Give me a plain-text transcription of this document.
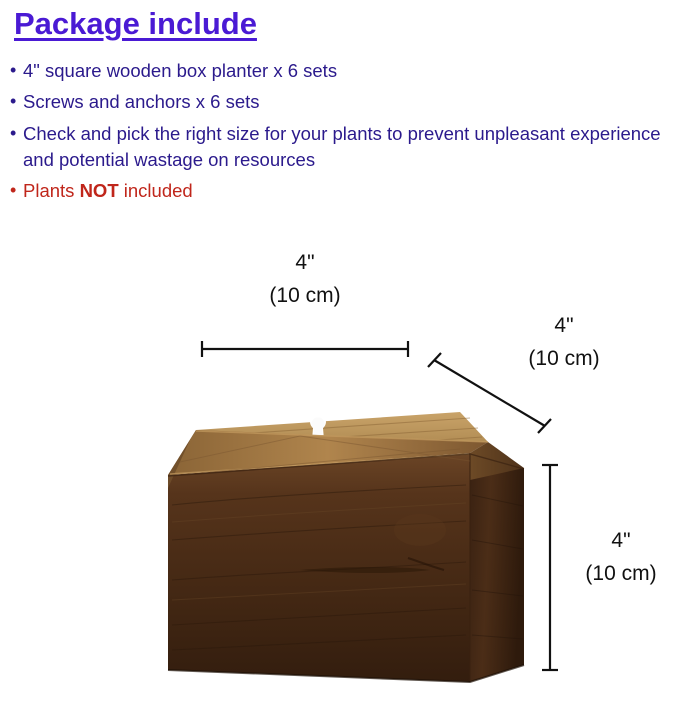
Package include
• 4" square wooden box planter x 6 sets
• Screws and anchors x 6 sets
• Check and pick the right size for your plants to prevent unpleasant experience and potential wastage on resources
• Plants NOT included
4"
(10 cm)
4"
(10 cm)
4"
(10 cm)
